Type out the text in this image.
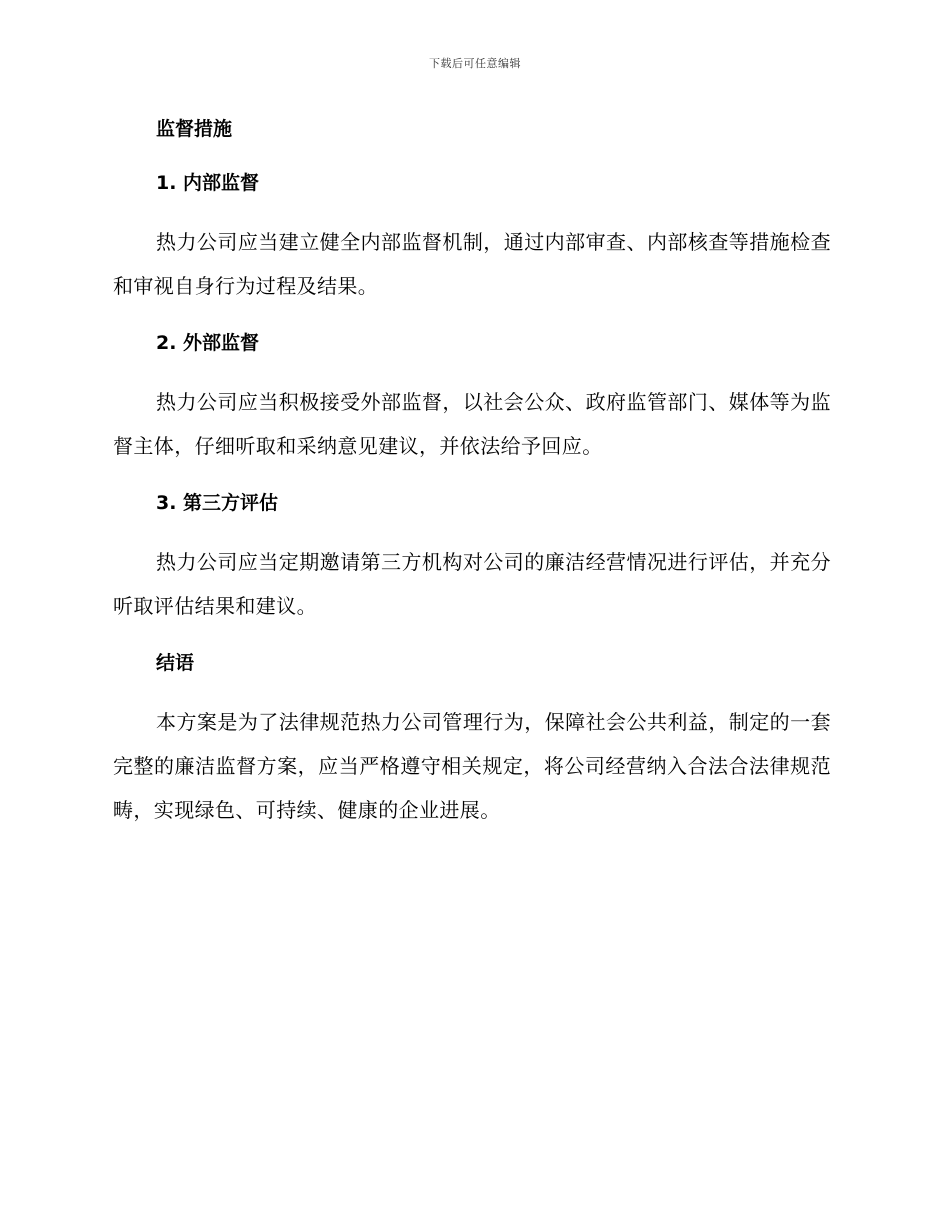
下载后可任意编辑

监督措施

1. 内部监督

热力公司应当建立健全内部监督机制，通过内部审查、内部核查等措施检查和审视自身行为过程及结果。

2. 外部监督

热力公司应当积极接受外部监督，以社会公众、政府监管部门、媒体等为监督主体，仔细听取和采纳意见建议，并依法给予回应。

3. 第三方评估

热力公司应当定期邀请第三方机构对公司的廉洁经营情况进行评估，并充分听取评估结果和建议。

结语

本方案是为了法律规范热力公司管理行为，保障社会公共利益，制定的一套完整的廉洁监督方案，应当严格遵守相关规定，将公司经营纳入合法合法律规范畴，实现绿色、可持续、健康的企业进展。
